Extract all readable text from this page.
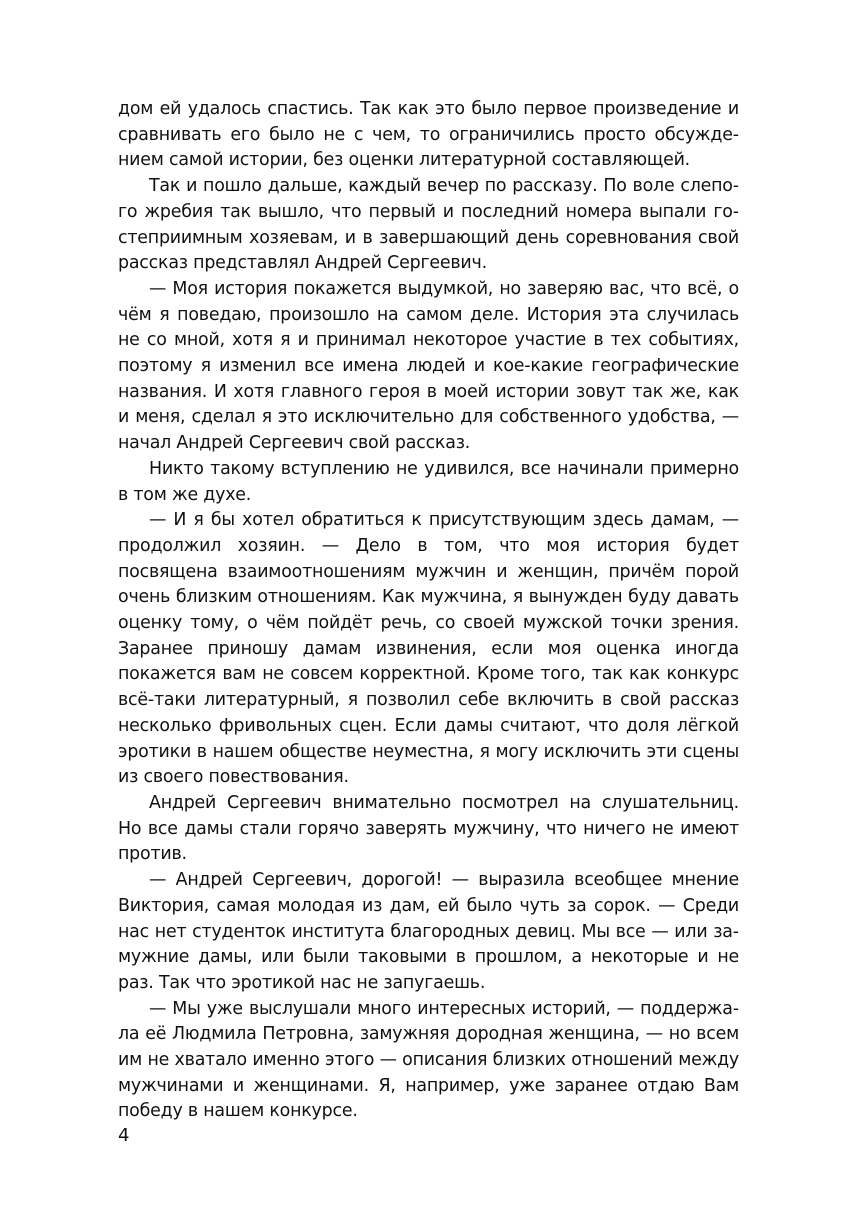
дом ей удалось спастись. Так как это было первое произведение и сравнивать его было не с чем, то ограничились просто обсуждением самой истории, без оценки литературной составляющей.

Так и пошло дальше, каждый вечер по рассказу. По воле слепого жребия так вышло, что первый и последний номера выпали гостеприимным хозяевам, и в завершающий день соревнования свой рассказ представлял Андрей Сергеевич.

— Моя история покажется выдумкой, но заверяю вас, что всё, о чём я поведаю, произошло на самом деле. История эта случилась не со мной, хотя я и принимал некоторое участие в тех событиях, поэтому я изменил все имена людей и кое-какие географические названия. И хотя главного героя в моей истории зовут так же, как и меня, сделал я это исключительно для собственного удобства, — начал Андрей Сергеевич свой рассказ.

Никто такому вступлению не удивился, все начинали примерно в том же духе.

— И я бы хотел обратиться к присутствующим здесь дамам, — продолжил хозяин. — Дело в том, что моя история будет посвящена взаимоотношениям мужчин и женщин, причём порой очень близким отношениям. Как мужчина, я вынужден буду давать оценку тому, о чём пойдёт речь, со своей мужской точки зрения. Заранее приношу дамам извинения, если моя оценка иногда покажется вам не совсем корректной. Кроме того, так как конкурс всё-таки литературный, я позволил себе включить в свой рассказ несколько фривольных сцен. Если дамы считают, что доля лёгкой эротики в нашем обществе неуместна, я могу исключить эти сцены из своего повествования.

Андрей Сергеевич внимательно посмотрел на слушательниц. Но все дамы стали горячо заверять мужчину, что ничего не имеют против.

— Андрей Сергеевич, дорогой! — выразила всеобщее мнение Виктория, самая молодая из дам, ей было чуть за сорок. — Среди нас нет студенток института благородных девиц. Мы все — или замужние дамы, или были таковыми в прошлом, а некоторые и не раз. Так что эротикой нас не запугаешь.

— Мы уже выслушали много интересных историй, — поддержала её Людмила Петровна, замужняя дородная женщина, — но всем им не хватало именно этого — описания близких отношений между мужчинами и женщинами. Я, например, уже заранее отдаю Вам победу в нашем конкурсе.

4
